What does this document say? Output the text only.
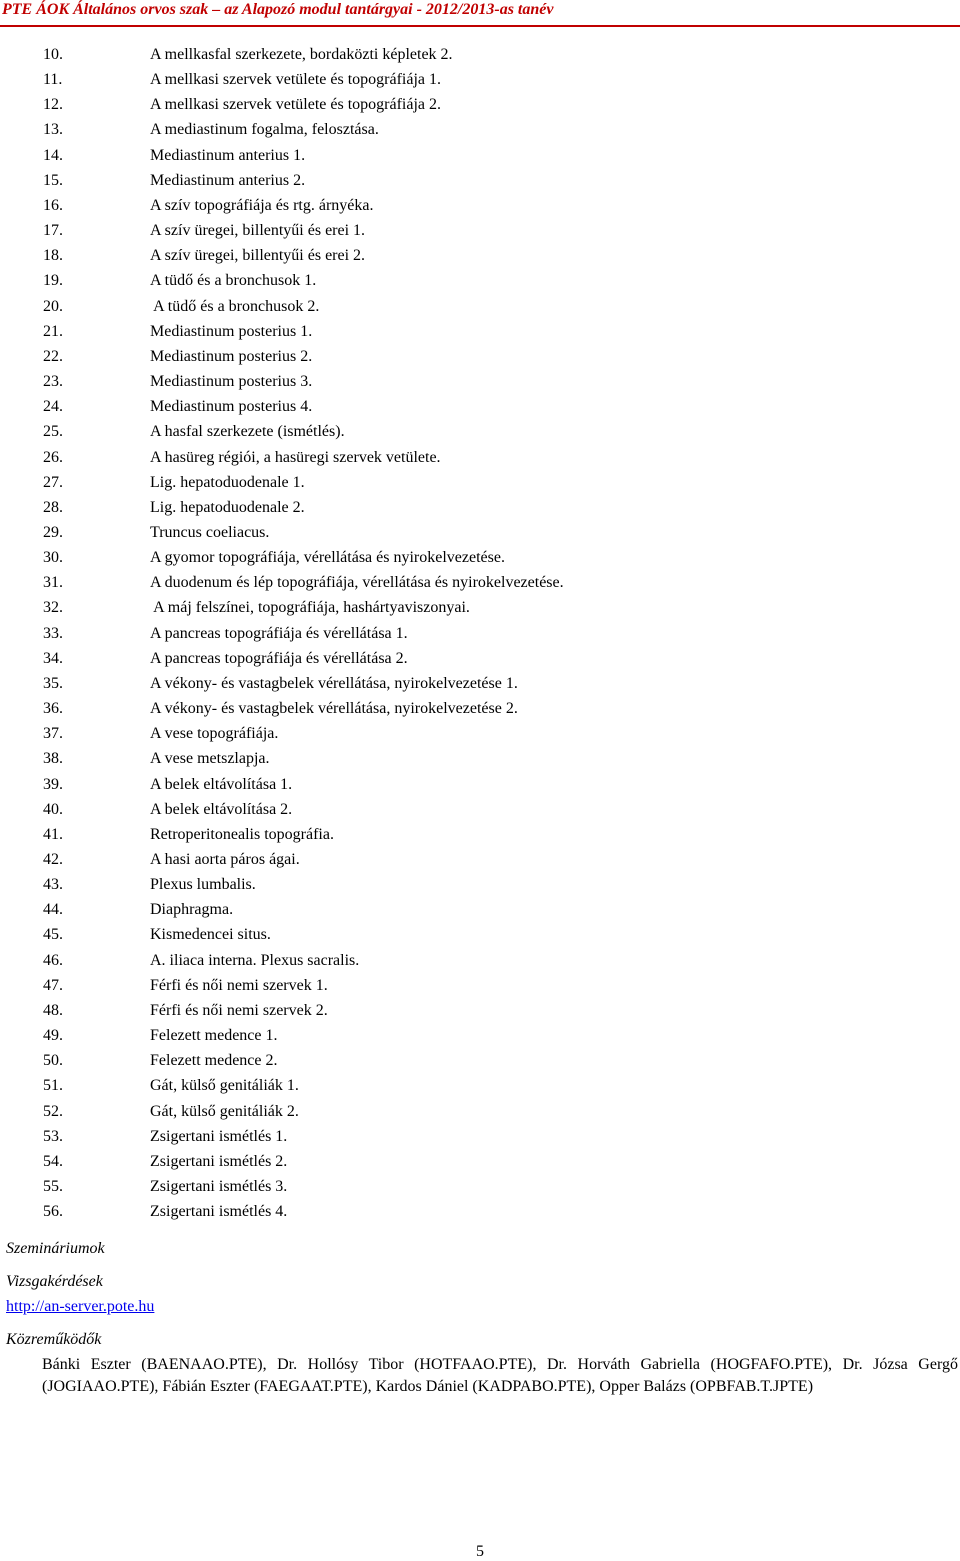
PTE ÁOK Általános orvos szak – az Alapozó modul tantárgyai - 2012/2013-as tanév
10.	A mellkasfal szerkezete, bordaközti képletek 2.
11.	A mellkasi szervek vetülete és topográfiája 1.
12.	A mellkasi szervek vetülete és topográfiája 2.
13.	A mediastinum fogalma, felosztása.
14.	Mediastinum anterius 1.
15.	Mediastinum anterius 2.
16.	A szív topográfiája és rtg. árnyéka.
17.	A szív üregei, billentyűi és erei 1.
18.	A szív üregei, billentyűi és erei 2.
19.	A tüdő és a bronchusok 1.
20.	A tüdő és a bronchusok 2.
21.	Mediastinum posterius 1.
22.	Mediastinum posterius 2.
23.	Mediastinum posterius 3.
24.	Mediastinum posterius 4.
25.	A hasfal szerkezete (ismétlés).
26.	A hasüreg régiói, a hasüregi szervek vetülete.
27.	Lig. hepatoduodenale 1.
28.	Lig. hepatoduodenale 2.
29.	Truncus coeliacus.
30.	A gyomor topográfiája, vérellátása és nyirokelvezetése.
31.	A duodenum és lép topográfiája, vérellátása és nyirokelvezetése.
32.	A máj felszínei, topográfiája, hashártyaviszonyai.
33.	A pancreas topográfiája és vérellátása 1.
34.	A pancreas topográfiája és vérellátása 2.
35.	A vékony- és vastagbelek vérellátása, nyirokelvezetése 1.
36.	A vékony- és vastagbelek vérellátása, nyirokelvezetése 2.
37.	A vese topográfiája.
38.	A vese metszlapja.
39.	A belek eltávolítása 1.
40.	A belek eltávolítása 2.
41.	Retroperitonealis topográfia.
42.	A hasi aorta páros ágai.
43.	Plexus lumbalis.
44.	Diaphragma.
45.	Kismedencei situs.
46.	A. iliaca interna. Plexus sacralis.
47.	Férfi és női nemi szervek 1.
48.	Férfi és női nemi szervek 2.
49.	Felezett medence 1.
50.	Felezett medence 2.
51.	Gát, külső genitáliák 1.
52.	Gát, külső genitáliák 2.
53.	Zsigertani ismétlés 1.
54.	Zsigertani ismétlés 2.
55.	Zsigertani ismétlés 3.
56.	Zsigertani ismétlés 4.
Szemináriumok
Vizsgakérdések
http://an-server.pote.hu
Közreműködők

Bánki Eszter (BAENAAO.PTE), Dr. Hollósy Tibor (HOTFAAO.PTE), Dr. Horváth Gabriella (HOGFAFO.PTE), Dr. Józsa Gergő (JOGIAAO.PTE), Fábián Eszter (FAEGAAT.PTE), Kardos Dániel (KADPABO.PTE), Opper Balázs (OPBFAB.T.JPTE)

5
